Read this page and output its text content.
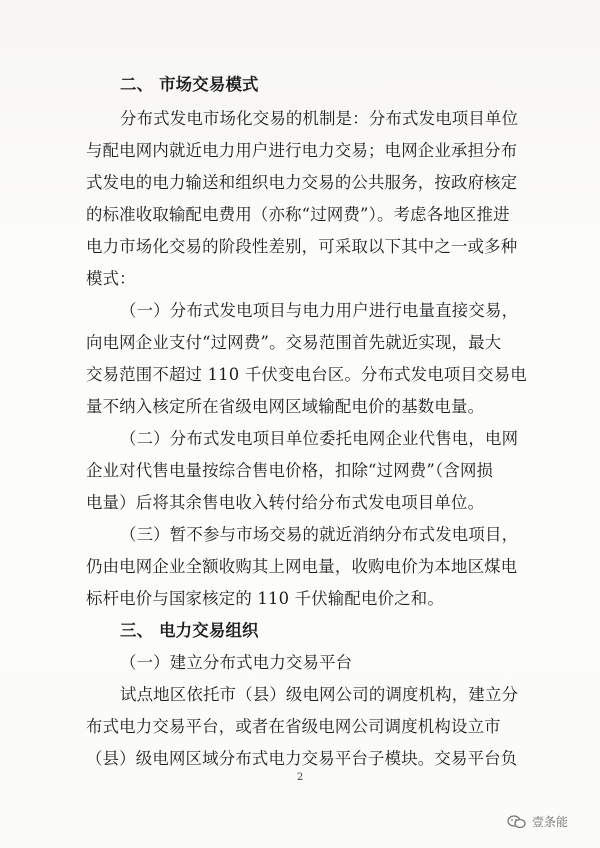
二、 市场交易模式
分布式发电市场化交易的机制是：分布式发电项目单位
与配电网内就近电力用户进行电力交易；电网企业承担分布
式发电的电力输送和组织电力交易的公共服务，按政府核定
的标准收取输配电费用（亦称“过网费”）。考虑各地区推进
电力市场化交易的阶段性差别，可采取以下其中之一或多种
模式：
（一）分布式发电项目与电力用户进行电量直接交易，
向电网企业支付“过网费”。交易范围首先就近实现，最大
交易范围不超过 110 千伏变电台区。分布式发电项目交易电
量不纳入核定所在省级电网区域输配电价的基数电量。
（二）分布式发电项目单位委托电网企业代售电，电网
企业对代售电量按综合售电价格，扣除“过网费”（含网损
电量）后将其余售电收入转付给分布式发电项目单位。
（三）暂不参与市场交易的就近消纳分布式发电项目，
仍由电网企业全额收购其上网电量，收购电价为本地区煤电
标杆电价与国家核定的 110 千伏输配电价之和。
三、 电力交易组织
（一）建立分布式电力交易平台
试点地区依托市（县）级电网公司的调度机构，建立分
布式电力交易平台，或者在省级电网公司调度机构设立市
（县）级电网区域分布式电力交易平台子模块。交易平台负
2
壹条能
